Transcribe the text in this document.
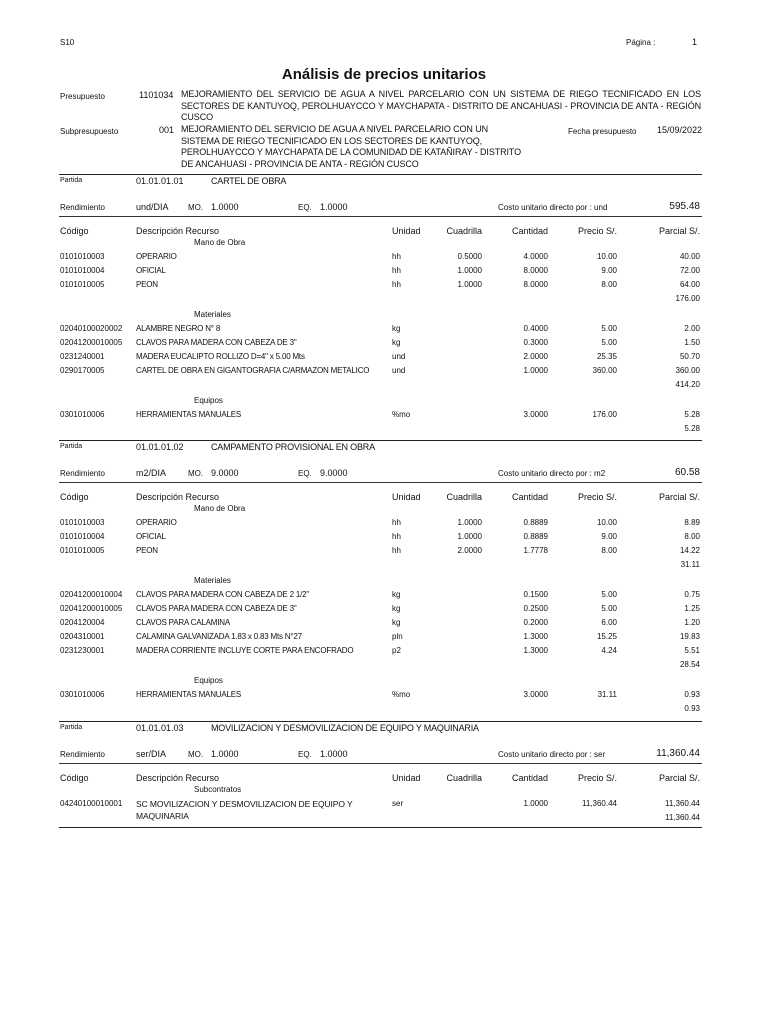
S10	Página :	1
Análisis de precios unitarios
Presupuesto	1101034 MEJORAMIENTO DEL SERVICIO DE AGUA A NIVEL PARCELARIO CON UN SISTEMA DE RIEGO TECNIFICADO EN LOS SECTORES DE KANTUYOQ, PEROLHUAYCCO Y MAYCHAPATA - DISTRITO DE ANCAHUASI - PROVINCIA DE ANTA - REGIÓN CUSCO
Subpresupuesto	001 MEJORAMIENTO DEL SERVICIO DE AGUA A NIVEL PARCELARIO CON UN SISTEMA DE RIEGO TECNIFICADO EN LOS SECTORES DE KANTUYOQ, PEROLHUAYCCO Y MAYCHAPATA DE LA COMUNIDAD DE KATAÑIRAY - DISTRITO DE ANCAHUASI - PROVINCIA DE ANTA - REGIÓN CUSCO
Fecha presupuesto 15/09/2022
Partida	01.01.01.01	CARTEL DE OBRA
Rendimiento	und/DIA MO. 1.0000	EQ. 1.0000	Costo unitario directo por : und	595.48
Código	Descripción Recurso	Unidad	Cuadrilla	Cantidad	Precio S/.	Parcial S/.
Mano de Obra
0101010003	OPERARIO	hh	0.5000	4.0000	10.00	40.00
0101010004	OFICIAL	hh	1.0000	8.0000	9.00	72.00
0101010005	PEON	hh	1.0000	8.0000	8.00	64.00
176.00
Materiales
02040100020002 ALAMBRE NEGRO N° 8	kg	0.4000	5.00	2.00
02041200010005 CLAVOS PARA MADERA CON CABEZA DE 3"	kg	0.3000	5.00	1.50
0231240001	MADERA EUCALIPTO ROLLIZO D=4" x 5.00 Mts	und	2.0000	25.35	50.70
0290170005	CARTEL DE OBRA EN GIGANTOGRAFIA C/ARMAZON METALICO	und	1.0000	360.00	360.00
414.20
Equipos
0301010006	HERRAMIENTAS MANUALES	%mo	3.0000	176.00	5.28
5.28
Partida	01.01.01.02	CAMPAMENTO PROVISIONAL EN OBRA
Rendimiento	m2/DIA	MO. 9.0000	EQ. 9.0000	Costo unitario directo por : m2	60.58
Código	Descripción Recurso	Unidad	Cuadrilla	Cantidad	Precio S/.	Parcial S/.
Mano de Obra
0101010003	OPERARIO	hh	1.0000	0.8889	10.00	8.89
0101010004	OFICIAL	hh	1.0000	0.8889	9.00	8.00
0101010005	PEON	hh	2.0000	1.7778	8.00	14.22
31.11
Materiales
02041200010004 CLAVOS PARA MADERA CON CABEZA DE 2 1/2"	kg	0.1500	5.00	0.75
02041200010005 CLAVOS PARA MADERA CON CABEZA DE 3"	kg	0.2500	5.00	1.25
0204120004	CLAVOS PARA CALAMINA	kg	0.2000	6.00	1.20
0204310001	CALAMINA GALVANIZADA 1.83 x 0.83 Mts N°27	pln	1.3000	15.25	19.83
0231230001	MADERA CORRIENTE INCLUYE CORTE PARA ENCOFRADO	p2	1.3000	4.24	5.51
28.54
Equipos
0301010006	HERRAMIENTAS MANUALES	%mo	3.0000	31.11	0.93
0.93
Partida	01.01.01.03	MOVILIZACION Y DESMOVILIZACION DE EQUIPO Y MAQUINARIA
Rendimiento	ser/DIA	MO. 1.0000	EQ. 1.0000	Costo unitario directo por : ser	11,360.44
Código	Descripción Recurso	Unidad	Cuadrilla	Cantidad	Precio S/.	Parcial S/.
Subcontratos
04240100010001 SC MOVILIZACION Y DESMOVILIZACION DE EQUIPO Y MAQUINARIA
ser	1.0000	11,360.44	11,360.44
11,360.44
